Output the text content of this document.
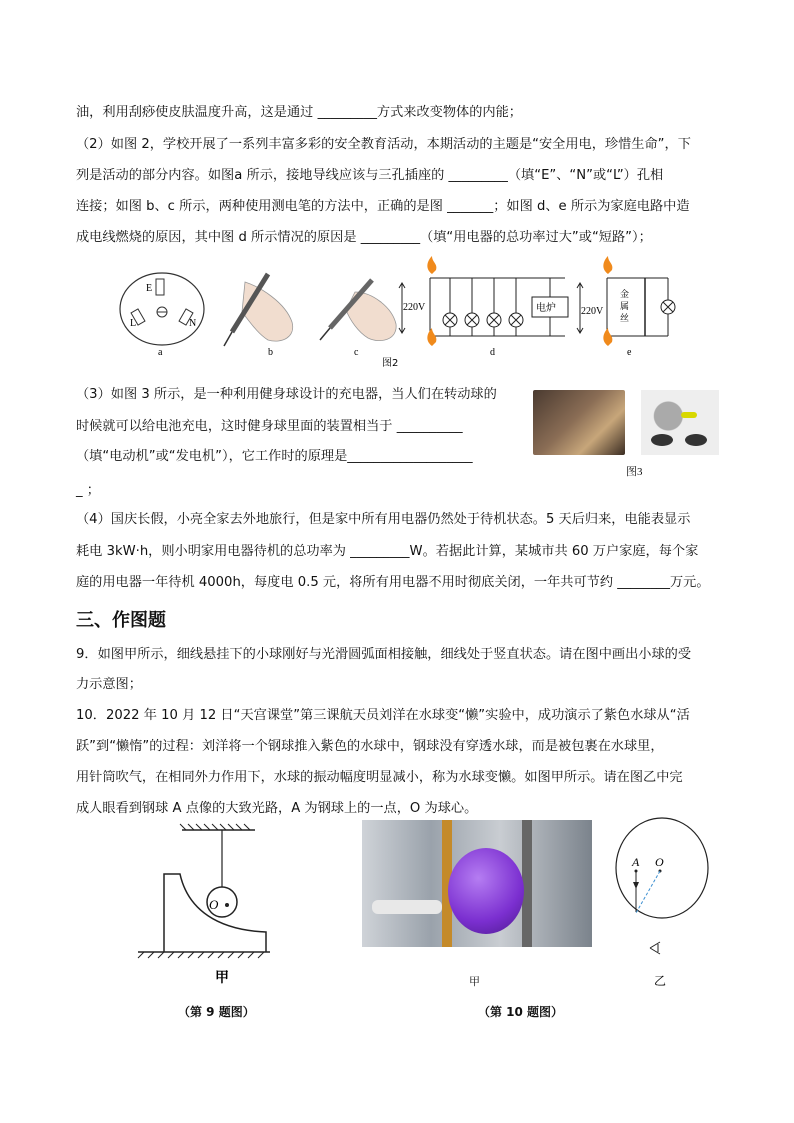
油，利用刮痧使皮肤温度升高，这是通过 _________方式来改变物体的内能；
（2）如图 2，学校开展了一系列丰富多彩的安全教育活动，本期活动的主题是“安全用电，珍惜生命”，下
列是活动的部分内容。如图a 所示，接地导线应该与三孔插座的 _________（填“E”、“N”或“L”）孔相
连接；如图 b、c 所示，两种使用测电笔的方法中，正确的是图 _______；如图 d、e 所示为家庭电路中造
成电线燃烧的原因，其中图 d 所示情况的原因是 _________（填“用电器的总功率过大”或“短路”）；
E
L	N
a	b	c
220V	电炉
d
220V
金
属
丝
e
图2
（3）如图 3 所示，是一种利用健身球设计的充电器，当人们在转动球的
时候就可以给电池充电，这时健身球里面的装置相当于 __________
（填“电动机”或“发电机”），它工作时的原理是___________________
_ ；
图3
（4）国庆长假，小亮全家去外地旅行，但是家中所有用电器仍然处于待机状态。5 天后归来，电能表显示
耗电 3kW·h，则小明家用电器待机的总功率为 _________W。若据此计算，某城市共 60 万户家庭，每个家
庭的用电器一年待机 4000h，每度电 0.5 元，将所有用电器不用时彻底关闭，一年共可节约 ________万元。
三、作图题
9．如图甲所示，细线悬挂下的小球刚好与光滑圆弧面相接触，细线处于竖直状态。请在图中画出小球的受
力示意图；
10．2022 年 10 月 12 日“天宫课堂”第三课航天员刘洋在水球变“懒”实验中，成功演示了紫色水球从“活
跃”到“懒惰”的过程：刘洋将一个钢球推入紫色的水球中，钢球没有穿透水球，而是被包裹在水球里，
用针筒吹气，在相同外力作用下，水球的振动幅度明显减小，称为水球变懒。如图甲所示。请在图乙中完
成人眼看到钢球 A 点像的大致光路，A 为钢球上的一点，O 为球心。
O
甲
（第 9 题图）
甲
A O
乙
（第 10 题图）
